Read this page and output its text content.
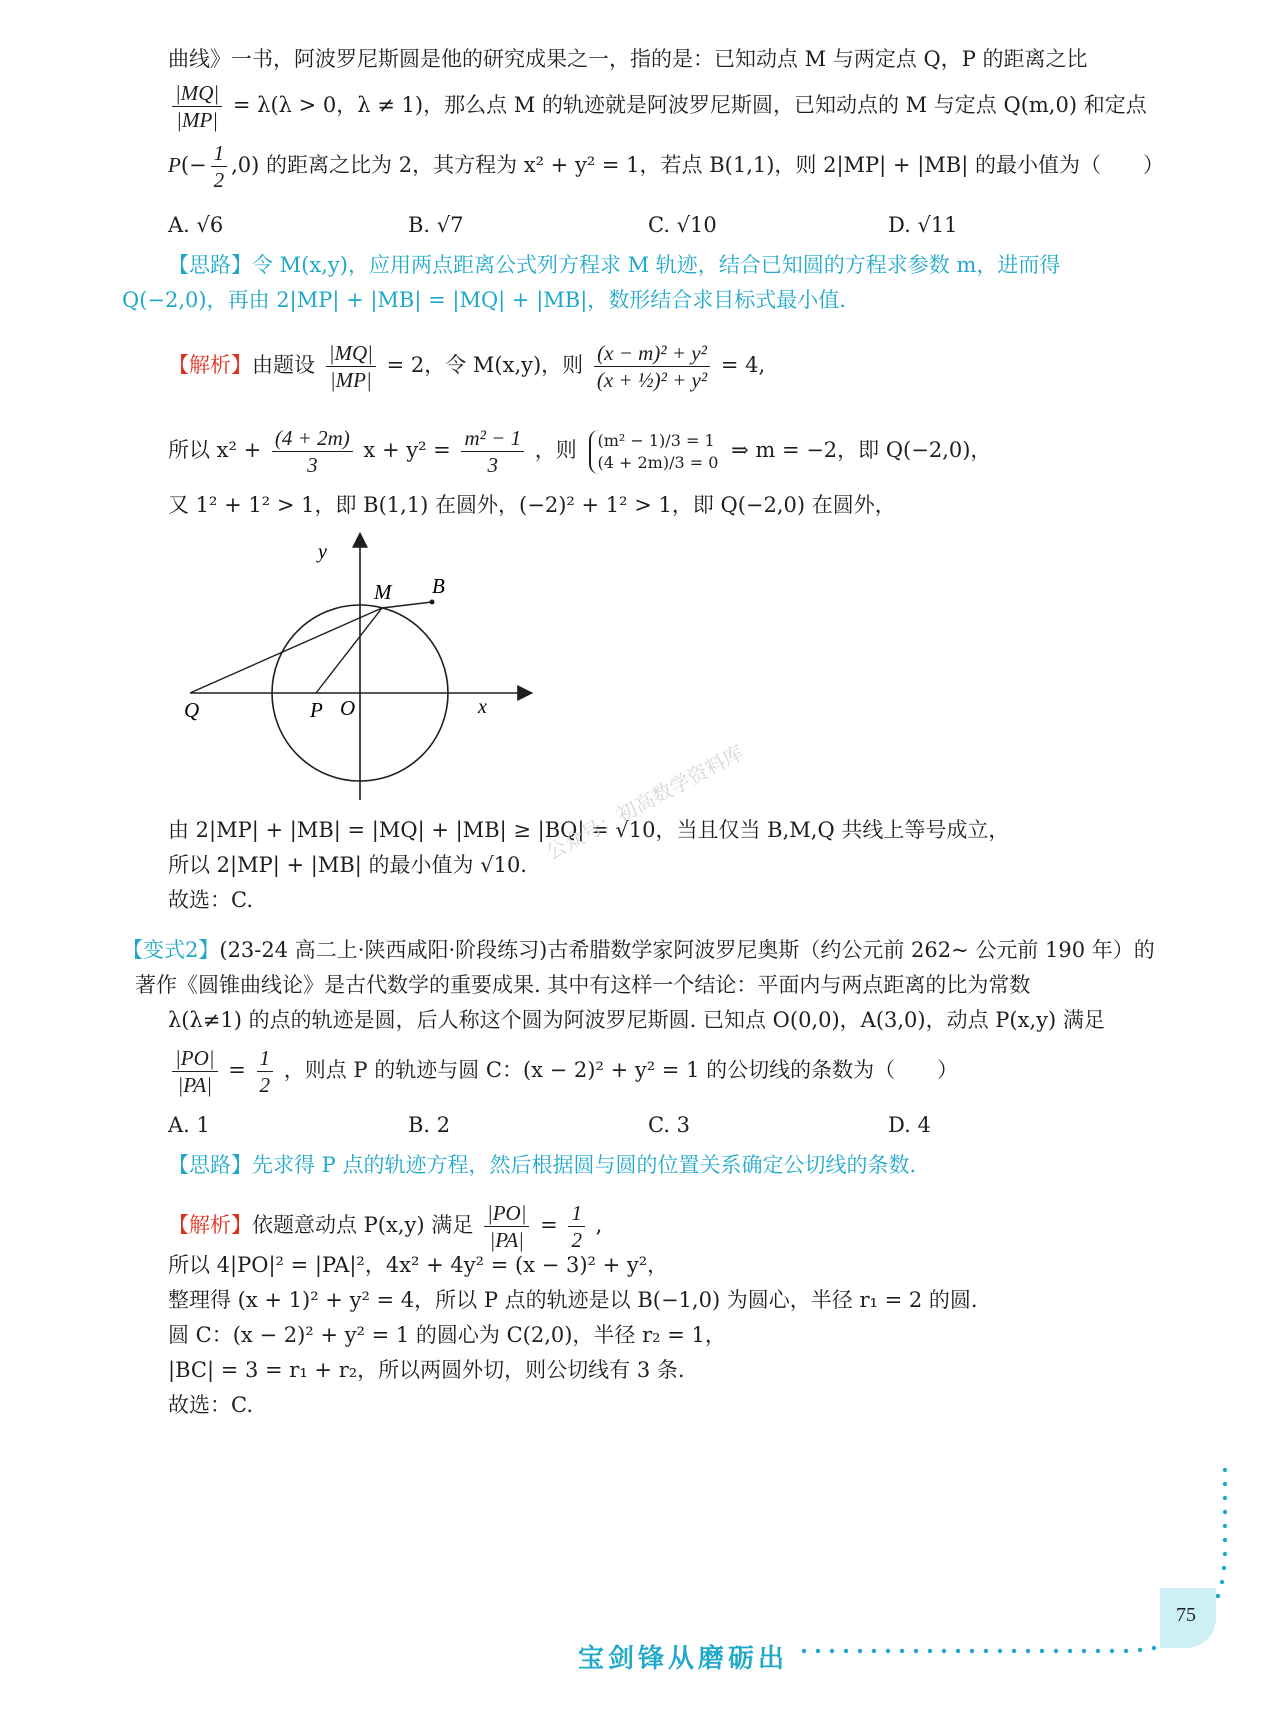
曲线》一书，阿波罗尼斯圆是他的研究成果之一，指的是：已知动点 M 与两定点 Q，P 的距离之比
$\frac{|MQ|}{|MP|} = \lambda(\lambda > 0$，λ ≠ 1)，那么点 M 的轨迹就是阿波罗尼斯圆，已知动点的 M 与定点 Q(m,0) 和定点
$P(- \frac{1}{2} ,0)$ 的距离之比为 2，其方程为 x² + y² = 1，若点 B(1,1)，则 2|MP| + |MB| 的最小值为（　　）
A. √6	B. √7	C. √10	D. √11
【思路】令 M(x,y)，应用两点距离公式列方程求 M 轨迹，结合已知圆的方程求参数 m，进而得
Q(−2,0)，再由 2|MP| + |MB| = |MQ| + |MB|，数形结合求目标式最小值.
【解析】由题设 $\frac{|MQ|}{|MP|} = 2$，令 M(x,y)，则 $\frac{\text{(x − m)² + y²}}{\text{(x + ½)² + y²}} = 4$,
所以 $x^2 + \frac{(4 + 2m)}{3}$ $x + y^2 = \frac{\text{m² − 1}}{3}$ ，则 (m² − 1)/3 = 1
(4 + 2m)/3 = 0 ⇒ m = −2，即 Q(−2,0)，
又 1² + 1² > 1，即 B(1,1) 在圆外，(−2)² + 1² > 1，即 Q(−2,0) 在圆外，
y
x
M B
Q	P O
由 2|MP| + |MB| = |MQ| + |MB| ≥ |BQ| = √10，当且仅当 B,M,Q 共线上等号成立，
所以 2|MP| + |MB| 的最小值为 √10.
故选：C.
公众号：初高数学资料库
【变式2】(23-24 高二上·陕西咸阳·阶段练习)古希腊数学家阿波罗尼奥斯（约公元前 262~ 公元前 190 年）的
著作《圆锥曲线论》是古代数学的重要成果. 其中有这样一个结论：平面内与两点距离的比为常数
λ(λ≠1) 的点的轨迹是圆，后人称这个圆为阿波罗尼斯圆. 已知点 O(0,0)，A(3,0)，动点 P(x,y) 满足
$\frac{|PO|}{|PA|} = \frac{1}{2}$ ，则点 P 的轨迹与圆 C：(x − 2)² + y² = 1 的公切线的条数为（　　）
A. 1	B. 2	C. 3	D. 4
【思路】先求得 P 点的轨迹方程，然后根据圆与圆的位置关系确定公切线的条数.
【解析】依题意动点 P(x,y) 满足 $\frac{|PO|}{|PA|} = \frac{1}{2}$ ,
所以 4|PO|² = |PA|²，4x² + 4y² = (x − 3)² + y²，
整理得 (x + 1)² + y² = 4，所以 P 点的轨迹是以 B(−1,0) 为圆心，半径 r₁ = 2 的圆.
圆 C：(x − 2)² + y² = 1 的圆心为 C(2,0)，半径 r₂ = 1，
|BC| = 3 = r₁ + r₂，所以两圆外切，则公切线有 3 条.
故选：C.
75
宝剑锋从磨砺出
